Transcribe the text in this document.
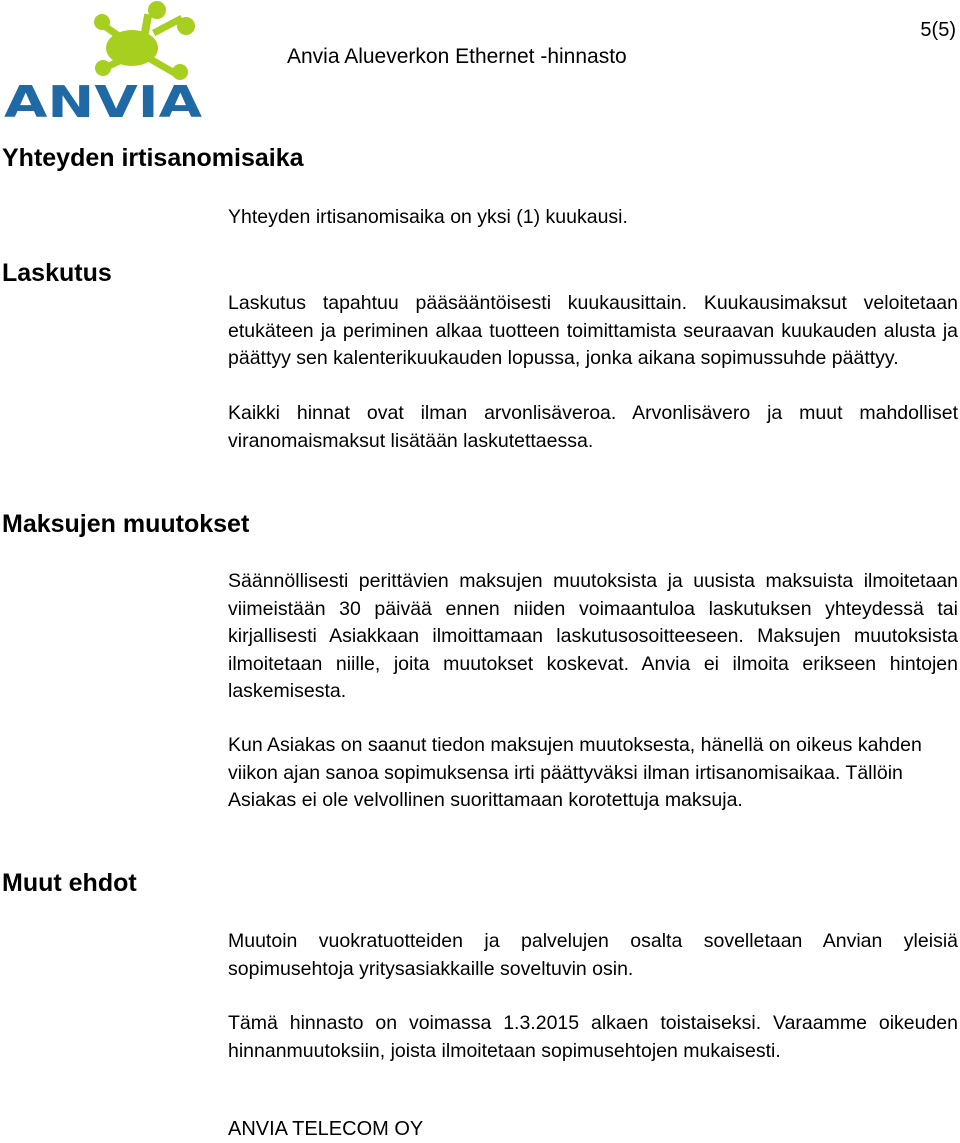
ANVIA
Anvia Alueverkon Ethernet -hinnasto
5(5)
Yhteyden irtisanomisaika

Yhteyden irtisanomisaika on yksi (1) kuukausi.

Laskutus

Laskutus tapahtuu pääsääntöisesti kuukausittain. Kuukausimaksut veloitetaan etukäteen ja periminen alkaa tuotteen toimittamista seuraavan kuukauden alusta ja päättyy sen kalenterikuukauden lopussa, jonka aikana sopimussuhde päättyy.

Kaikki hinnat ovat ilman arvonlisäveroa. Arvonlisävero ja muut mahdolliset viranomaismaksut lisätään laskutettaessa.

Maksujen muutokset

Säännöllisesti perittävien maksujen muutoksista ja uusista maksuista ilmoitetaan viimeistään 30 päivää ennen niiden voimaantuloa laskutuksen yhteydessä tai kirjallisesti Asiakkaan ilmoittamaan laskutusosoitteeseen. Maksujen muutoksista ilmoitetaan niille, joita muutokset koskevat. Anvia ei ilmoita erikseen hintojen laskemisesta.

Kun Asiakas on saanut tiedon maksujen muutoksesta, hänellä on oikeus kahden viikon ajan sanoa sopimuksensa irti päättyväksi ilman irtisanomisaikaa. Tällöin Asiakas ei ole velvollinen suorittamaan korotettuja maksuja.

Muut ehdot

Muutoin vuokratuotteiden ja palvelujen osalta sovelletaan Anvian yleisiä sopimusehtoja yritysasiakkaille soveltuvin osin.

Tämä hinnasto on voimassa 1.3.2015 alkaen toistaiseksi. Varaamme oikeuden hinnanmuutoksiin, joista ilmoitetaan sopimusehtojen mukaisesti.

ANVIA TELECOM OY
